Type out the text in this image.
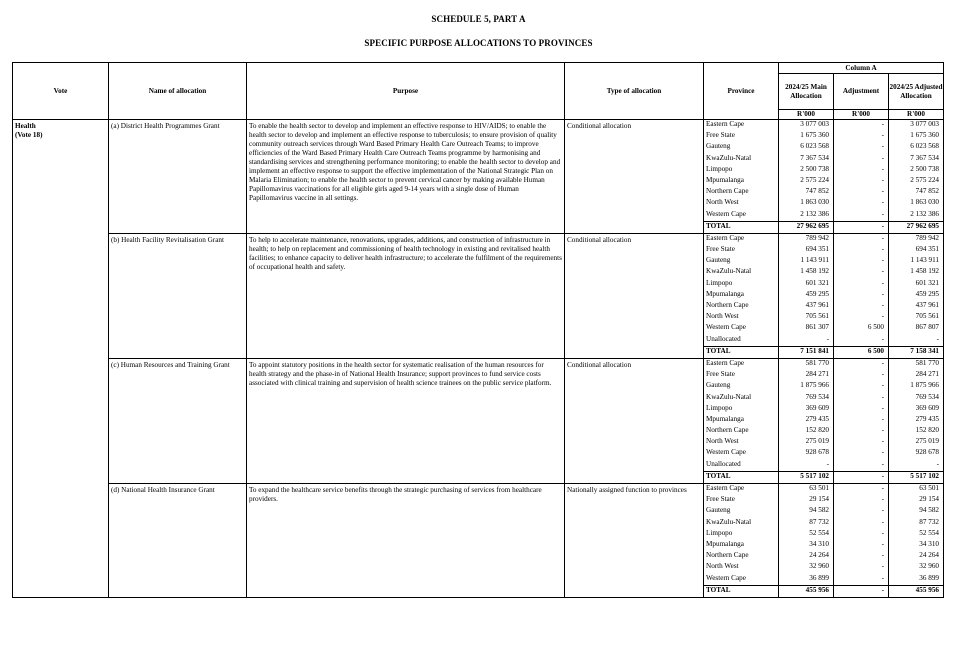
SCHEDULE 5, PART A
SPECIFIC PURPOSE ALLOCATIONS TO PROVINCES
Vote	Name of allocation	Purpose	Type of allocation	Province	Column A		
					2024/25 Main Allocation	Adjustment	2024/25 Adjusted Allocation
					R'000	R'000	R'000

Health
(Vote 18)	(a) District Health Programmes Grant	To enable the health sector to develop and implement an effective response to HIV/AIDS; to enable the health sector to develop and implement an effective response to tuberculosis; to ensure provision of quality community outreach services through Ward Based Primary Health Care Outreach Teams; to improve efficiencies of the Ward Based Primary Health Care Outreach Teams programme by harmonising and standardising services and strengthening performance monitoring; to enable the health sector to develop and implement an effective response to support the effective implementation of the National Strategic Plan on Malaria Elimination; to enable the health sector to prevent cervical cancer by making available Human Papillomavirus vaccinations for all eligible girls aged 9-14 years with a single dose of Human Papillomavirus vaccine in all settings.	Conditional allocation	Eastern Cape	3 077 003	-	3 077 003
				Free State	1 675 360	-	1 675 360
				Gauteng	6 023 568	-	6 023 568
				KwaZulu-Natal	7 367 534	-	7 367 534
				Limpopo	2 500 738	-	2 500 738
				Mpumalanga	2 575 224	-	2 575 224
				Northern Cape	747 852	-	747 852
				North West	1 863 030	-	1 863 030
				Western Cape	2 132 386	-	2 132 386
				TOTAL	27 962 695	-	27 962 695
	(b) Health Facility Revitalisation Grant	To help to accelerate maintenance, renovations, upgrades, additions, and construction of infrastructure in health; to help on replacement and commissioning of health technology in existing and revitalised health facilities; to enhance capacity to deliver health infrastructure; to accelerate the fulfilment of the requirements of occupational health and safety.	Conditional allocation	Eastern Cape	789 942	-	789 942
				Free State	694 351	-	694 351
				Gauteng	1 143 911	-	1 143 911
				KwaZulu-Natal	1 458 192	-	1 458 192
				Limpopo	601 321	-	601 321
				Mpumalanga	459 295	-	459 295
				Northern Cape	437 961	-	437 961
				North West	705 561	-	705 561
				Western Cape	861 307	6 500	867 807
				Unallocated	-	-	-
				TOTAL	7 151 841	6 500	7 158 341
	(c) Human Resources and Training Grant	To appoint statutory positions in the health sector for systematic realisation of the human resources for health strategy and the phase-in of National Health Insurance; support provinces to fund service costs associated with clinical training and supervision of health science trainees on the public service platform.	Conditional allocation	Eastern Cape	581 770	-	581 770
				Free State	284 271	-	284 271
				Gauteng	1 875 966	-	1 875 966
				KwaZulu-Natal	769 534	-	769 534
				Limpopo	369 609	-	369 609
				Mpumalanga	279 435	-	279 435
				Northern Cape	152 820	-	152 820
				North West	275 019	-	275 019
				Western Cape	928 678	-	928 678
				Unallocated	-	-	-
				TOTAL	5 517 102	-	5 517 102
	(d) National Health Insurance Grant	To expand the healthcare service benefits through the strategic purchasing of services from healthcare providers.	Nationally assigned function to provinces	Eastern Cape	63 501	-	63 501
				Free State	29 154	-	29 154
				Gauteng	94 582	-	94 582
				KwaZulu-Natal	87 732	-	87 732
				Limpopo	52 554	-	52 554
				Mpumalanga	34 310	-	34 310
				Northern Cape	24 264	-	24 264
				North West	32 960	-	32 960
				Western Cape	36 899	-	36 899
				TOTAL	455 956	-	455 956
